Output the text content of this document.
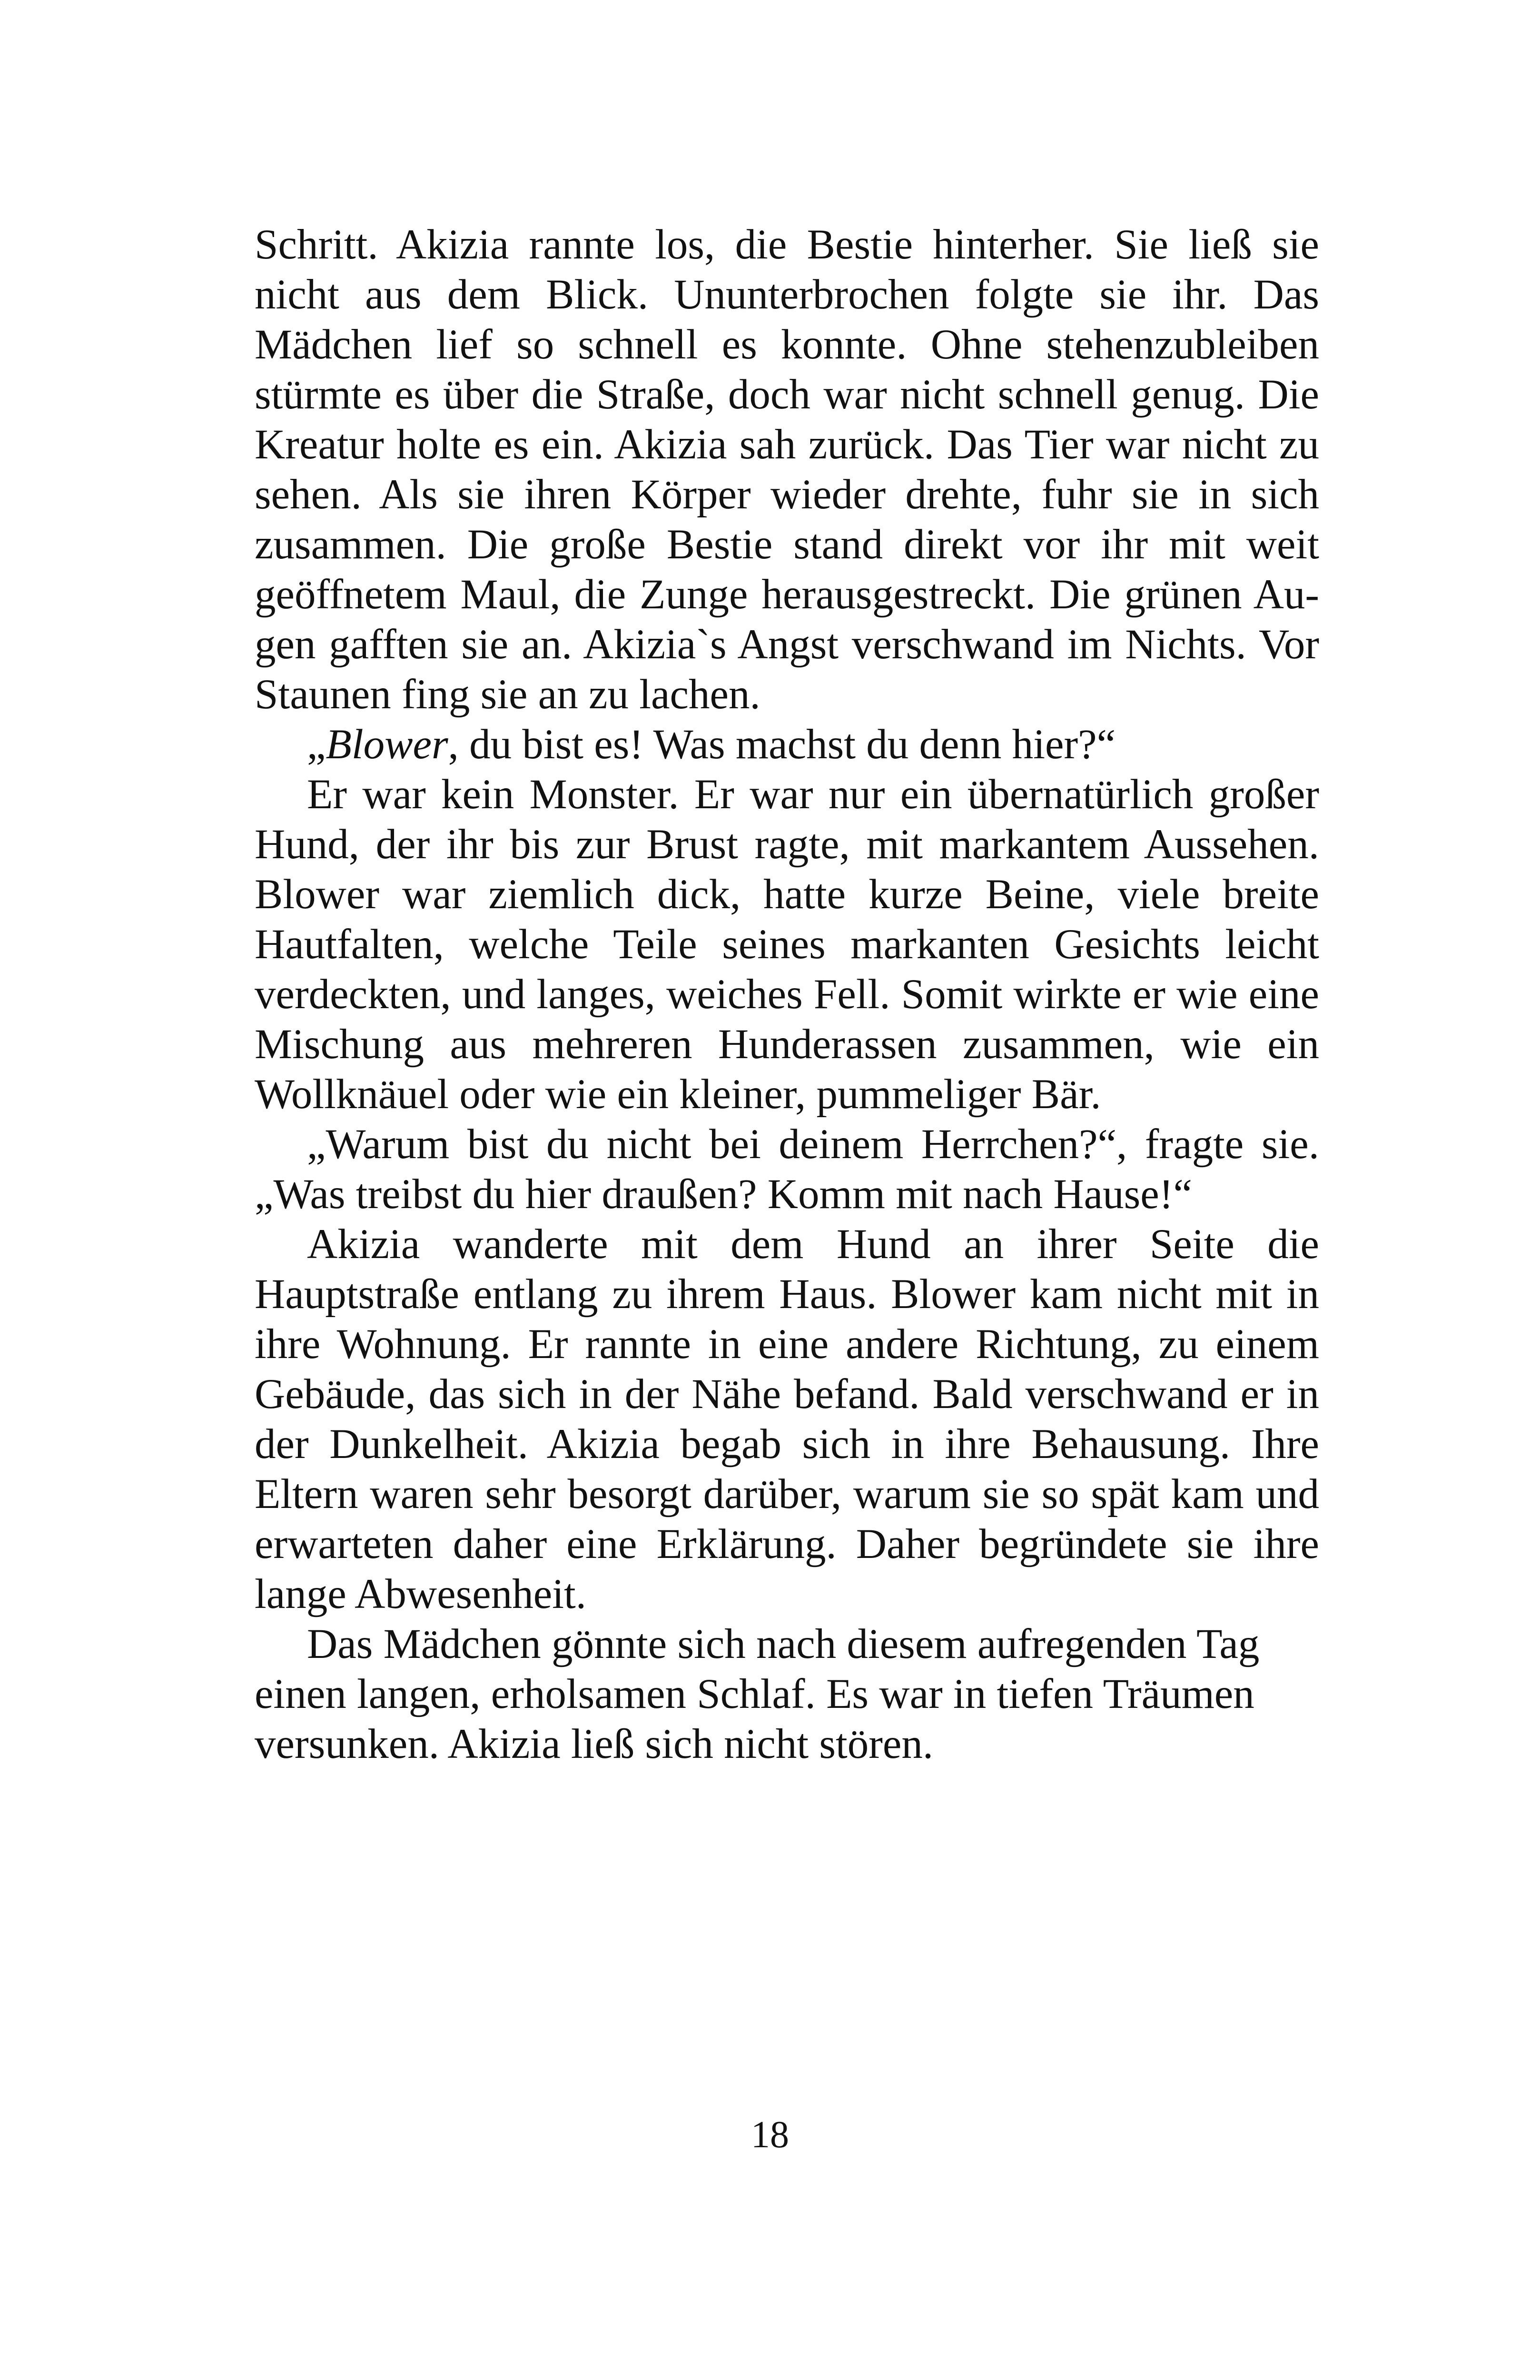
Schritt. Akizia rannte los, die Bestie hinterher. Sie ließ sie nicht aus dem Blick. Ununterbrochen folgte sie ihr. Das Mädchen lief so schnell es konnte. Ohne stehenzubleiben stürmte es über die Straße, doch war nicht schnell genug. Die Kreatur holte es ein. Akizia sah zurück. Das Tier war nicht zu sehen. Als sie ihren Körper wieder drehte, fuhr sie in sich zusammen. Die große Bestie stand direkt vor ihr mit weit geöffnetem Maul, die Zunge herausgestreckt. Die grünen Augen gafften sie an. Akizia`s Angst verschwand im Nichts. Vor Staunen fing sie an zu lachen.

„Blower, du bist es! Was machst du denn hier?“

Er war kein Monster. Er war nur ein übernatürlich großer Hund, der ihr bis zur Brust ragte, mit markantem Aussehen. Blower war ziemlich dick, hatte kurze Beine, viele breite Hautfalten, welche Teile seines markanten Gesichts leicht verdeckten, und langes, weiches Fell. Somit wirkte er wie eine Mischung aus mehreren Hunderassen zusammen, wie ein Wollknäuel oder wie ein kleiner, pummeliger Bär.

„Warum bist du nicht bei deinem Herrchen?“, fragte sie. „Was treibst du hier draußen? Komm mit nach Hause!“

Akizia wanderte mit dem Hund an ihrer Seite die Hauptstraße entlang zu ihrem Haus. Blower kam nicht mit in ihre Wohnung. Er rannte in eine andere Richtung, zu einem Gebäude, das sich in der Nähe befand. Bald verschwand er in der Dunkelheit. Akizia begab sich in ihre Behausung. Ihre Eltern waren sehr besorgt darüber, warum sie so spät kam und erwarteten daher eine Erklärung. Daher begründete sie ihre lange Abwesenheit.

Das Mädchen gönnte sich nach diesem aufregenden Tag einen langen, erholsamen Schlaf. Es war in tiefen Träumen versunken. Akizia ließ sich nicht stören.

18
